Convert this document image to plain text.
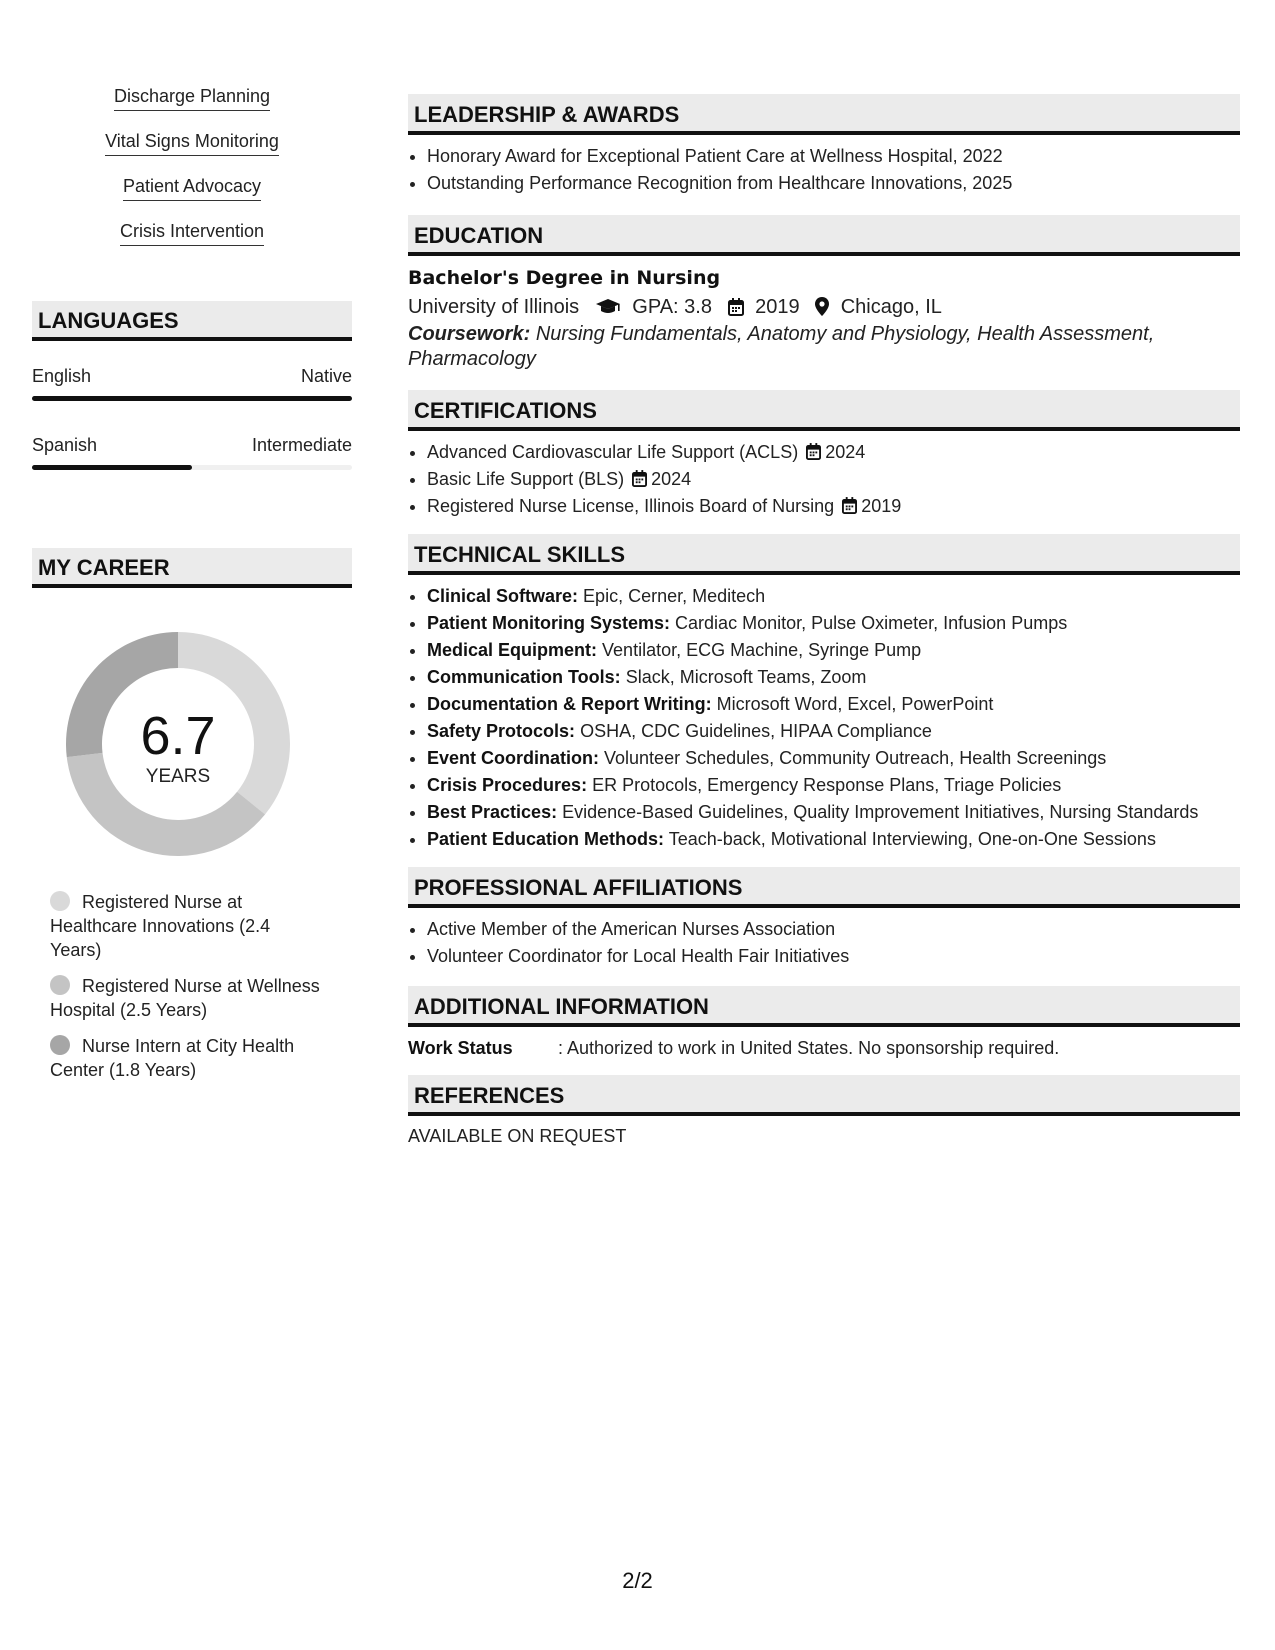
Discharge Planning
Vital Signs Monitoring
Patient Advocacy
Crisis Intervention
LANGUAGES
English	Native
Spanish	Intermediate
MY CAREER
6.7
YEARS
Registered Nurse at Healthcare Innovations (2.4 Years)
Registered Nurse at Wellness Hospital (2.5 Years)
Nurse Intern at City Health Center (1.8 Years)
LEADERSHIP & AWARDS
• Honorary Award for Exceptional Patient Care at Wellness Hospital, 2022
• Outstanding Performance Recognition from Healthcare Innovations, 2025
EDUCATION
Bachelor's Degree in Nursing
University of Illinois	GPA: 3.8 2019 Chicago, IL
Coursework: Nursing Fundamentals, Anatomy and Physiology, Health Assessment, Pharmacology
CERTIFICATIONS
• Advanced Cardiovascular Life Support (ACLS) 2024
• Basic Life Support (BLS) 2024
• Registered Nurse License, Illinois Board of Nursing 2019
TECHNICAL SKILLS
• Clinical Software: Epic, Cerner, Meditech
• Patient Monitoring Systems: Cardiac Monitor, Pulse Oximeter, Infusion Pumps
• Medical Equipment: Ventilator, ECG Machine, Syringe Pump
• Communication Tools: Slack, Microsoft Teams, Zoom
• Documentation & Report Writing: Microsoft Word, Excel, PowerPoint
• Safety Protocols: OSHA, CDC Guidelines, HIPAA Compliance
• Event Coordination: Volunteer Schedules, Community Outreach, Health Screenings
• Crisis Procedures: ER Protocols, Emergency Response Plans, Triage Policies
• Best Practices: Evidence-Based Guidelines, Quality Improvement Initiatives, Nursing Standards
• Patient Education Methods: Teach-back, Motivational Interviewing, One-on-One Sessions
PROFESSIONAL AFFILIATIONS
• Active Member of the American Nurses Association
• Volunteer Coordinator for Local Health Fair Initiatives
ADDITIONAL INFORMATION
Work Status	: Authorized to work in United States. No sponsorship required.
REFERENCES
AVAILABLE ON REQUEST
2/2
